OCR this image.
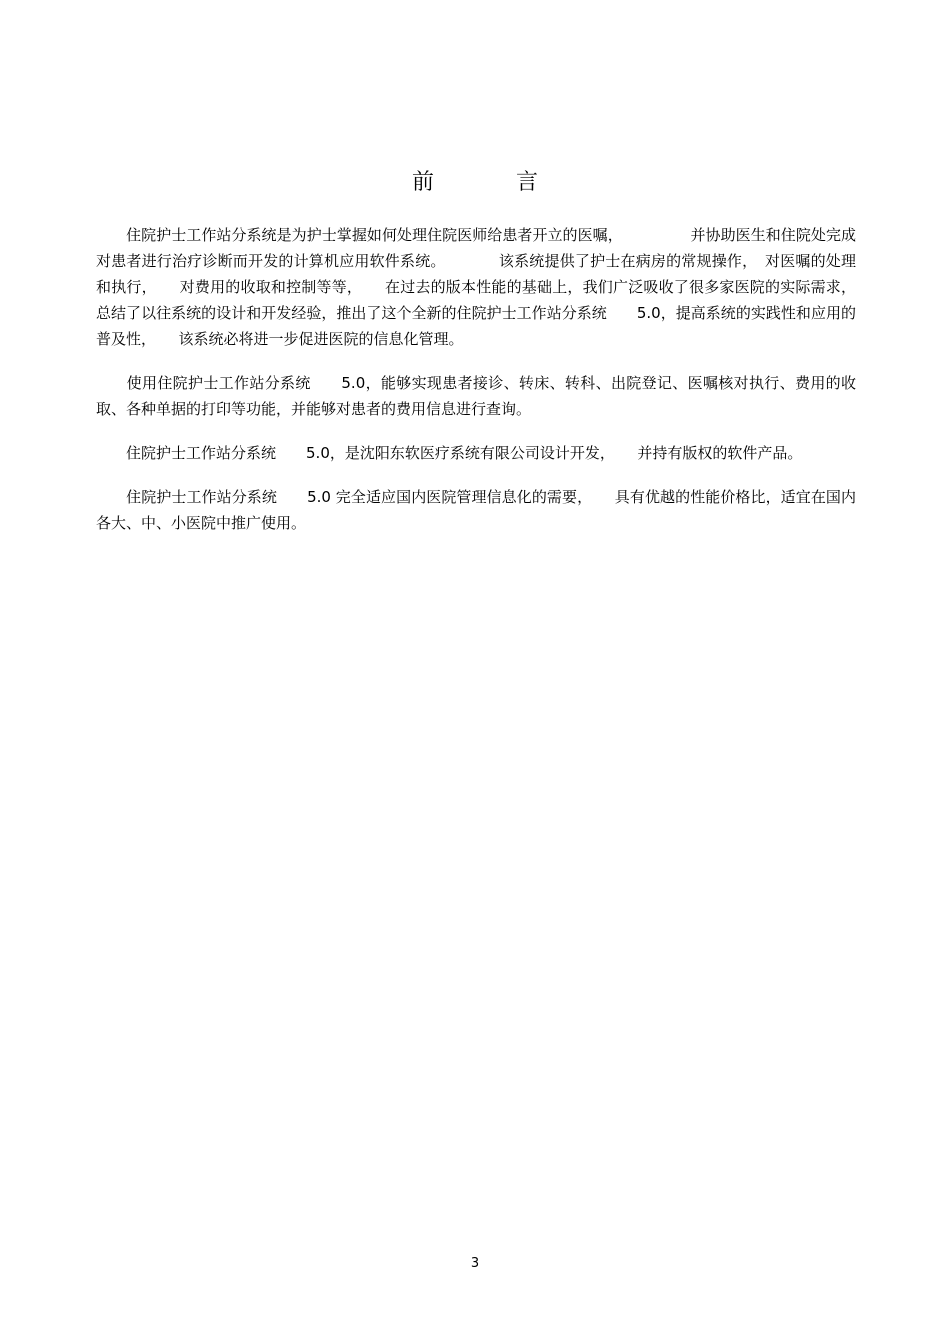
前　言

　　住院护士工作站分系统是为护士掌握如何处理住院医师给患者开立的医嘱，　　　　　并协助医生和住院处完成对患者进行治疗诊断而开发的计算机应用软件系统。　　　　该系统提供了护士在病房的常规操作，　对医嘱的处理和执行，　　对费用的收取和控制等等，　　在过去的版本性能的基础上，我们广泛吸收了很多家医院的实际需求，总结了以往系统的设计和开发经验，推出了这个全新的住院护士工作站分系统　　5.0，提高系统的实践性和应用的普及性，　　该系统必将进一步促进医院的信息化管理。

　　使用住院护士工作站分系统　　5.0，能够实现患者接诊、转床、转科、出院登记、医嘱核对执行、费用的收取、各种单据的打印等功能，并能够对患者的费用信息进行查询。

　　住院护士工作站分系统　　5.0，是沈阳东软医疗系统有限公司设计开发，　　并持有版权的软件产品。

　　住院护士工作站分系统　　5.0 完全适应国内医院管理信息化的需要，　　具有优越的性能价格比，适宜在国内各大、中、小医院中推广使用。

3
